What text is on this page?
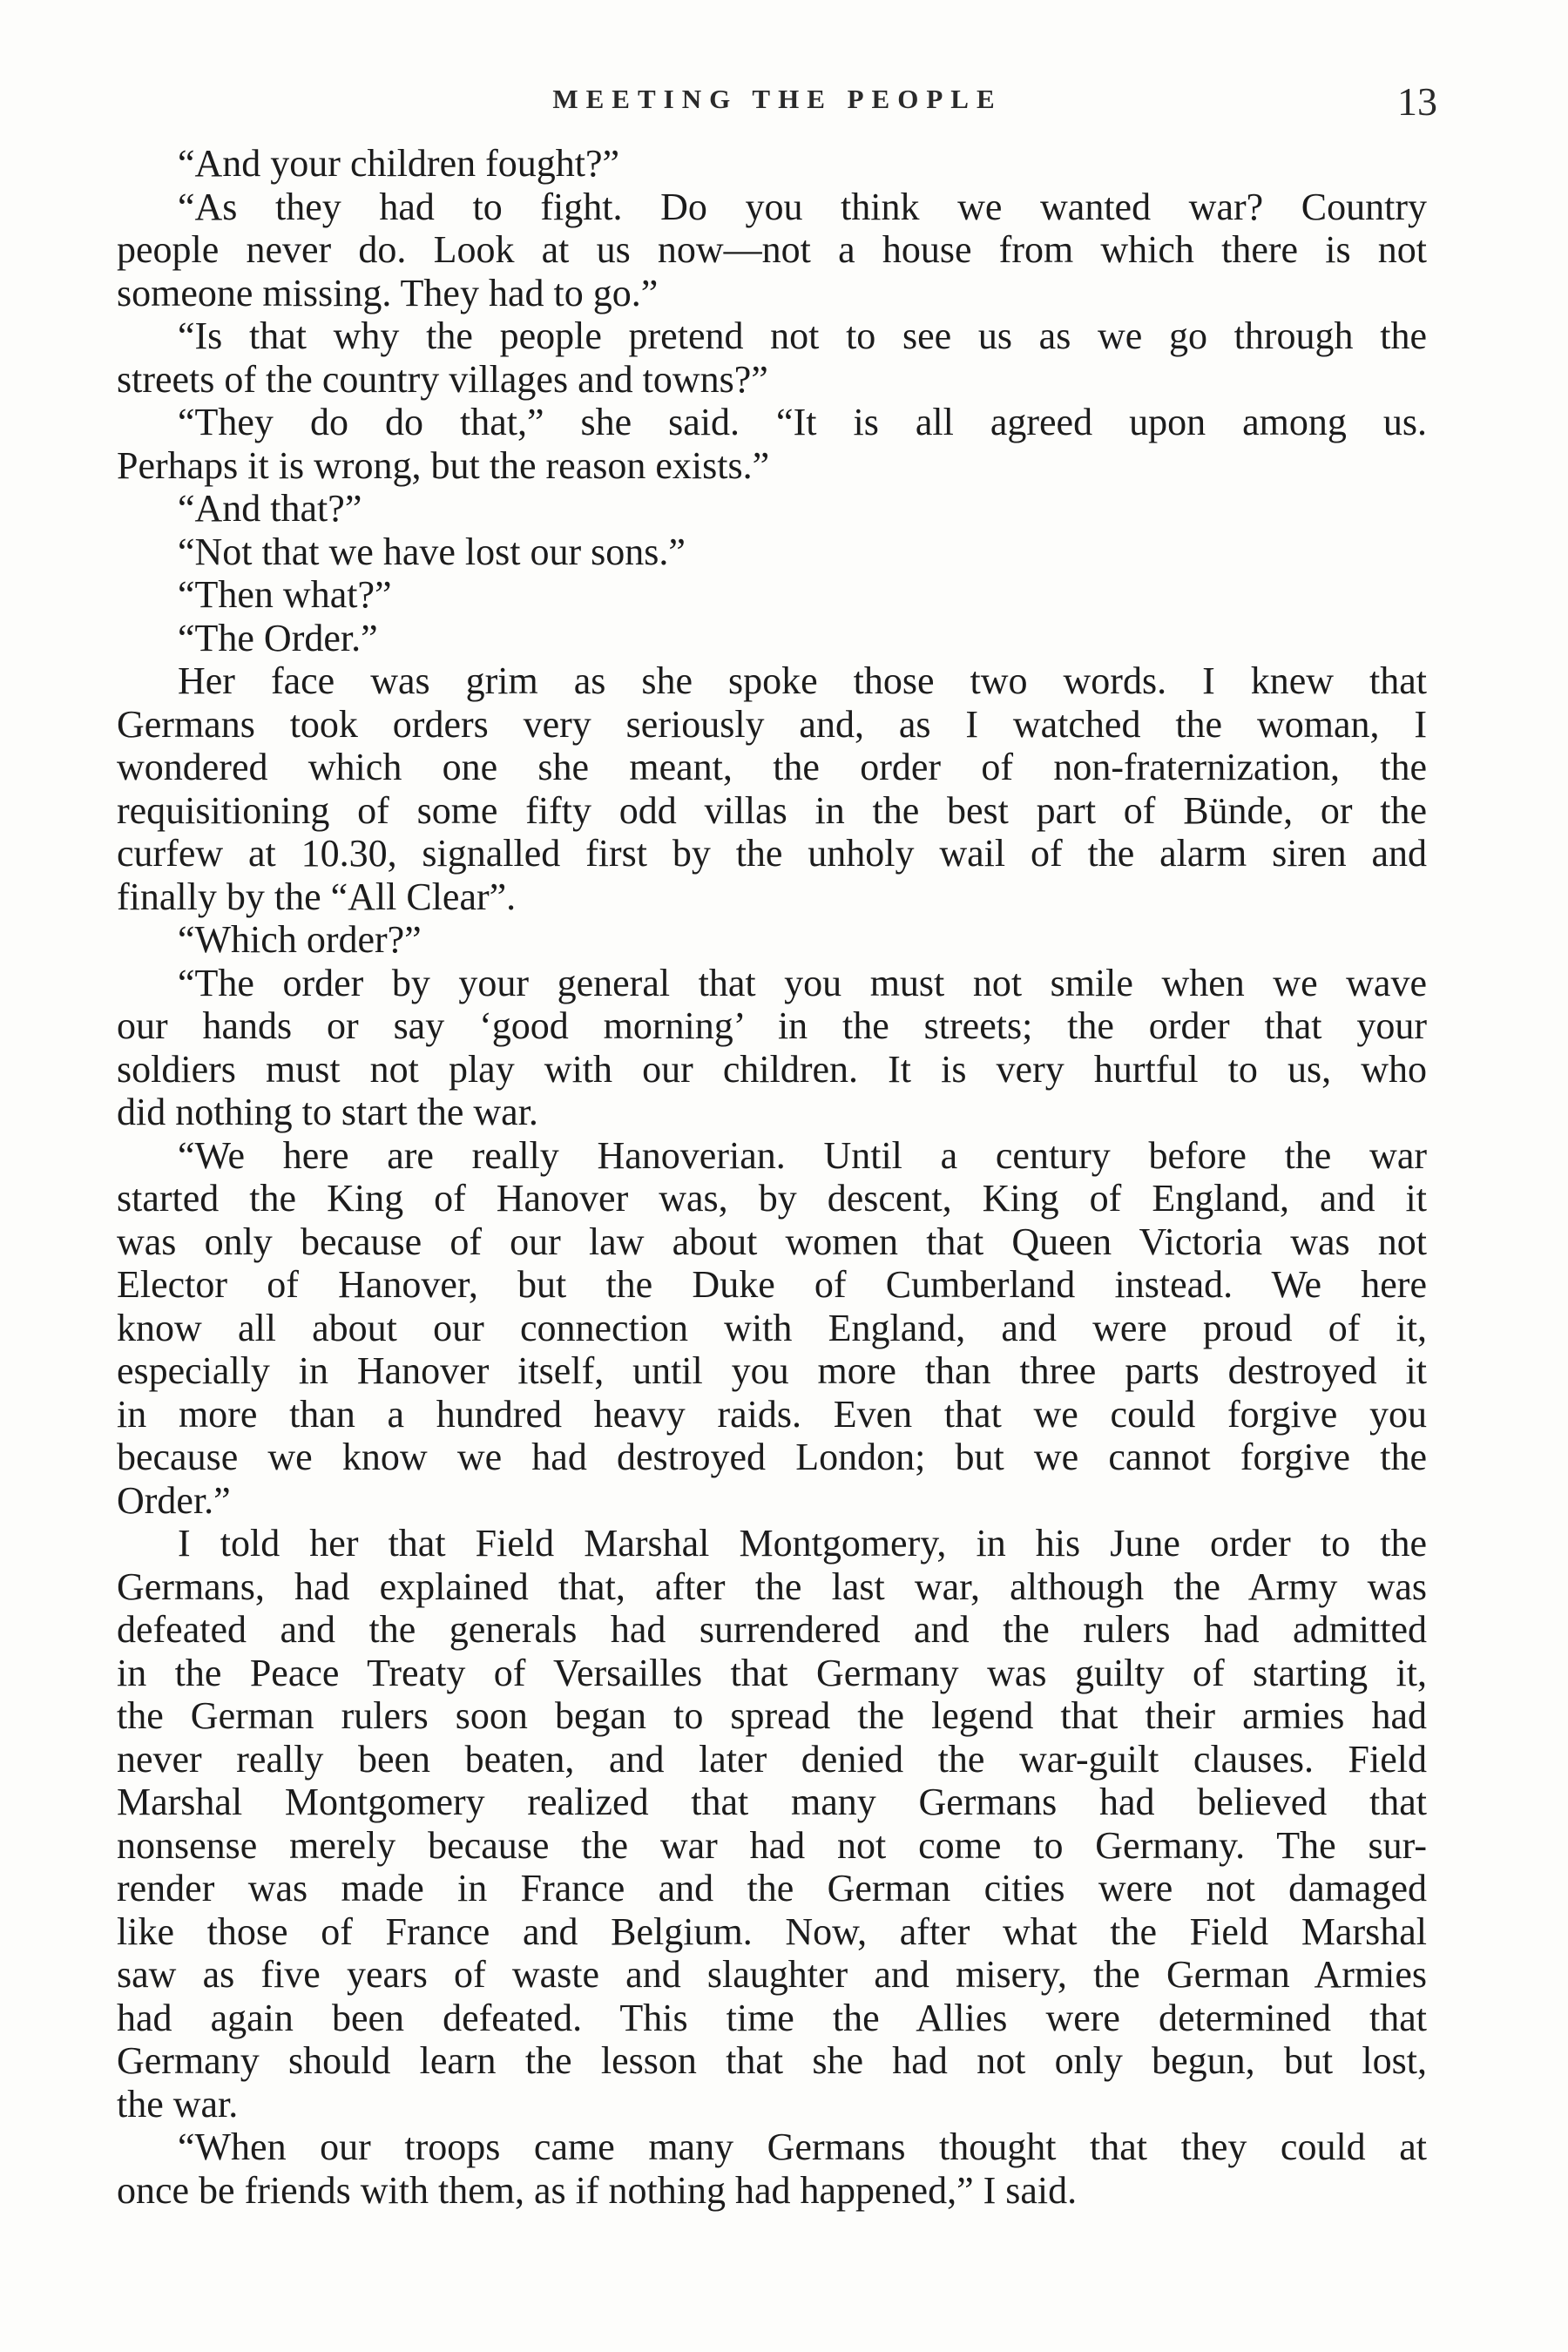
MEETING THE PEOPLE	13
“And your children fought?”
“As they had to fight. Do you think we wanted war? Country
people never do. Look at us now—not a house from which there is not
someone missing. They had to go.”
“Is that why the people pretend not to see us as we go through the
streets of the country villages and towns?”
“They do do that,” she said. “It is all agreed upon among us.
Perhaps it is wrong, but the reason exists.”
“And that?”
“Not that we have lost our sons.”
“Then what?”
“The Order.”
Her face was grim as she spoke those two words. I knew that
Germans took orders very seriously and, as I watched the woman, I
wondered which one she meant, the order of non-fraternization, the
requisitioning of some fifty odd villas in the best part of Bünde, or the
curfew at 10.30, signalled first by the unholy wail of the alarm siren and
finally by the “All Clear”.
“Which order?”
“The order by your general that you must not smile when we wave
our hands or say ‘good morning’ in the streets; the order that your
soldiers must not play with our children. It is very hurtful to us, who
did nothing to start the war.
“We here are really Hanoverian. Until a century before the war
started the King of Hanover was, by descent, King of England, and it
was only because of our law about women that Queen Victoria was not
Elector of Hanover, but the Duke of Cumberland instead. We here
know all about our connection with England, and were proud of it,
especially in Hanover itself, until you more than three parts destroyed it
in more than a hundred heavy raids. Even that we could forgive you
because we know we had destroyed London; but we cannot forgive the
Order.”
I told her that Field Marshal Montgomery, in his June order to the
Germans, had explained that, after the last war, although the Army was
defeated and the generals had surrendered and the rulers had admitted
in the Peace Treaty of Versailles that Germany was guilty of starting it,
the German rulers soon began to spread the legend that their armies had
never really been beaten, and later denied the war-guilt clauses. Field
Marshal Montgomery realized that many Germans had believed that
nonsense merely because the war had not come to Germany. The sur-
render was made in France and the German cities were not damaged
like those of France and Belgium. Now, after what the Field Marshal
saw as five years of waste and slaughter and misery, the German Armies
had again been defeated. This time the Allies were determined that
Germany should learn the lesson that she had not only begun, but lost,
the war.
“When our troops came many Germans thought that they could at
once be friends with them, as if nothing had happened,” I said.
